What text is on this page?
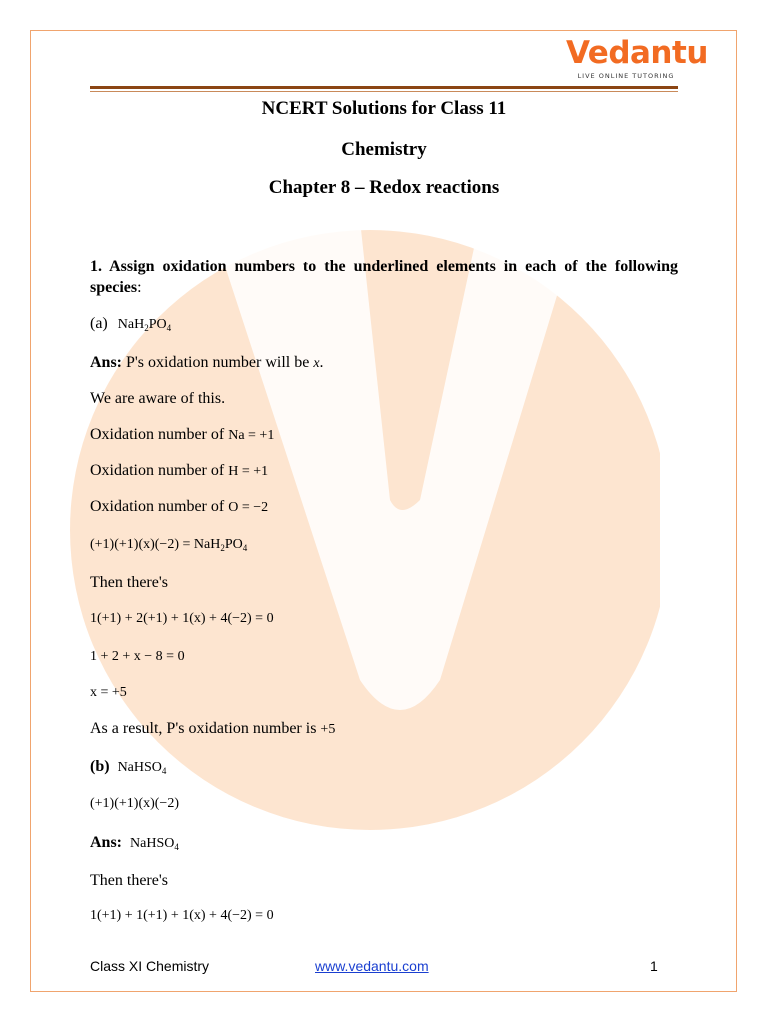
Vedantu
LIVE ONLINE TUTORING
NCERT Solutions for Class 11
Chemistry
Chapter 8 – Redox reactions
1. Assign oxidation numbers to the underlined elements in each of the following species:
(a) $NaH_2PO_4$
Ans: P's oxidation number will be x.
We are aware of this.
Oxidation number of Na = +1
Oxidation number of H = +1
Oxidation number of O = −2
$(+1)(+1)(x)(-2) = NaH_2PO_4$
Then there's
1(+1) + 2(+1) + 1(x) + 4(−2) = 0
1 + 2 + x − 8 = 0
x = +5
As a result, P's oxidation number is +5
(b) NaHSO$_4$
(+1)(+1)(x)(−2)
Ans: NaHSO$_4$
Then there's
1(+1) + 1(+1) + 1(x) + 4(−2) = 0
Class XI Chemistry	www.vedantu.com	1
